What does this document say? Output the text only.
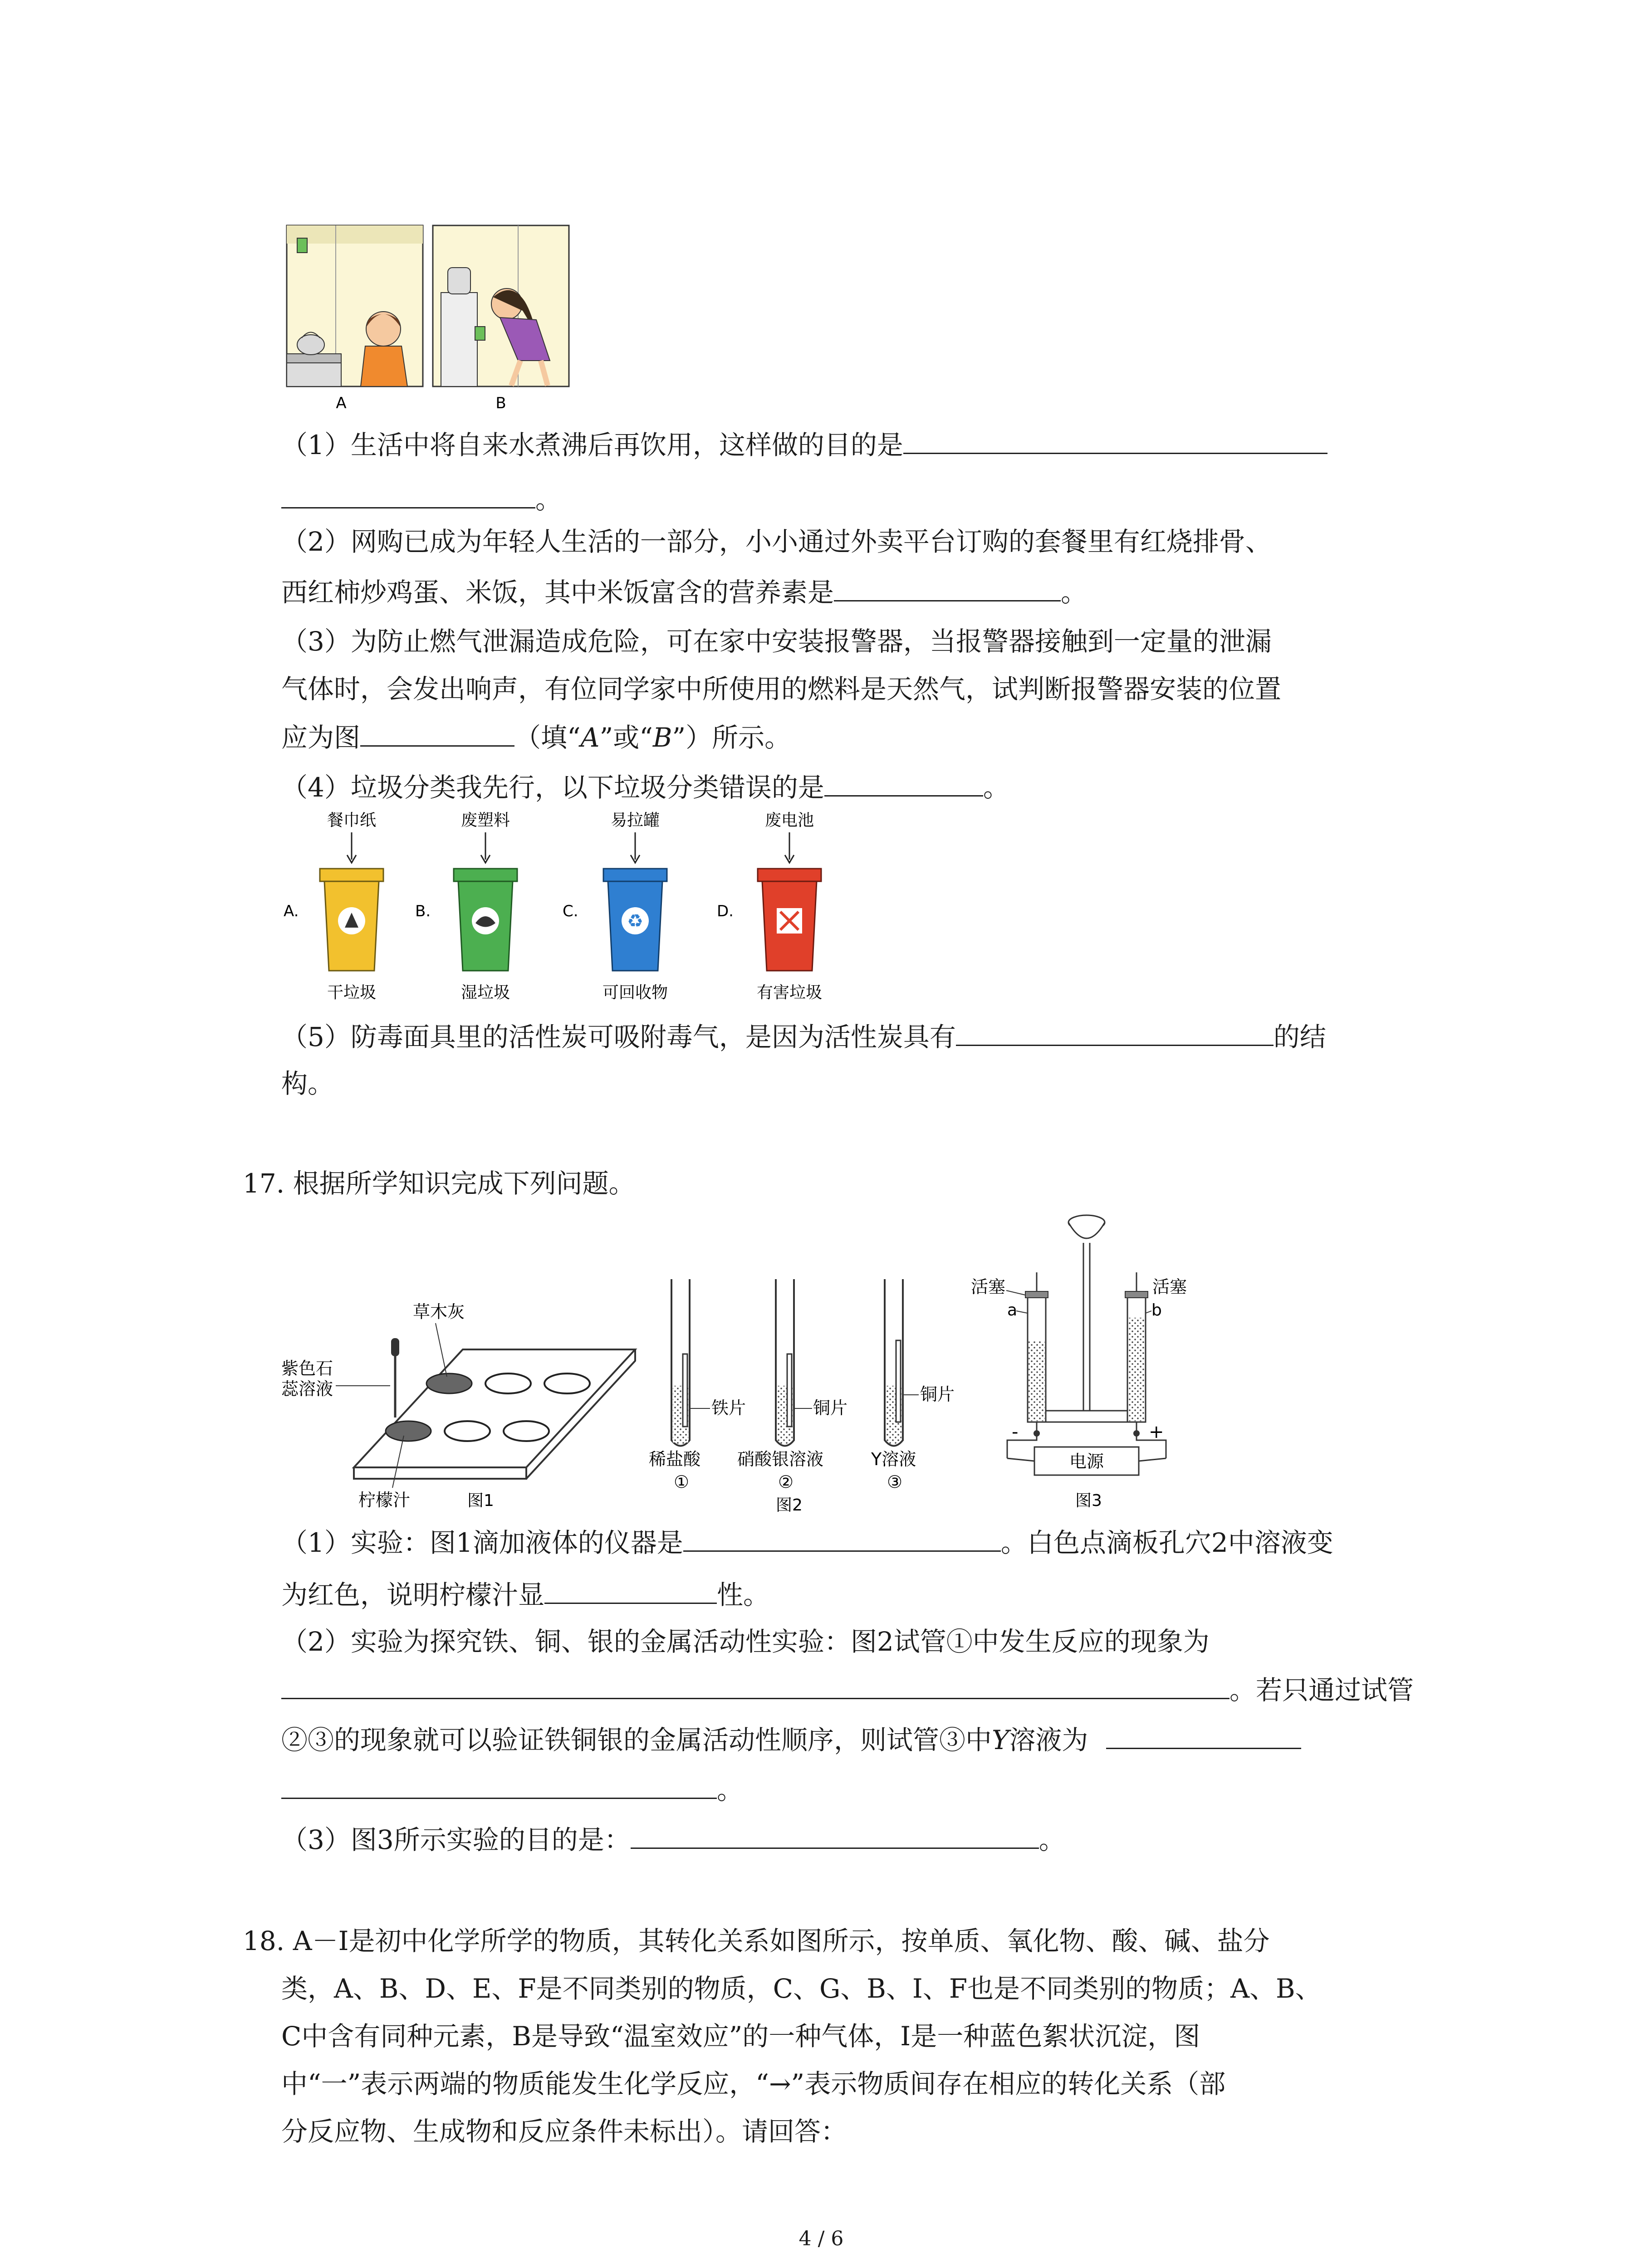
A	B
（1）生活中将自来水煮沸后再饮用，这样做的目的是
。
（2）网购已成为年轻人生活的一部分，小小通过外卖平台订购的套餐里有红烧排骨、
西红柿炒鸡蛋、米饭，其中米饭富含的营养素是	。
（3）为防止燃气泄漏造成危险，可在家中安装报警器，当报警器接触到一定量的泄漏
气体时，会发出响声，有位同学家中所使用的燃料是天然气，试判断报警器安装的位置
应为图	（填“A”或“B”）所示。
（4）垃圾分类我先行，以下垃圾分类错误的是	。
餐巾纸
A.
干垃圾
废塑料
B.
湿垃圾
易拉罐
C.	♻
可回收物
废电池
D.
有害垃圾
（5）防毒面具里的活性炭可吸附毒气，是因为活性炭具有	的结
构。
17. 根据所学知识完成下列问题。
草木灰
紫色石
蕊溶液
柠檬汁	图1
铁片
稀盐酸
①
铜片
硝酸银溶液
②
铜片
Y溶液
③
图2
活塞	活塞
a	b
-	+
电源
图3
（1）实验：图1滴加液体的仪器是	。白色点滴板孔穴2中溶液变
为红色，说明柠檬汁显	性。
（2）实验为探究铁、铜、银的金属活动性实验：图2试管①中发生反应的现象为
。若只通过试管
②③的现象就可以验证铁铜银的金属活动性顺序，则试管③中Y溶液为
。
（3）图3所示实验的目的是：	。
18. A－I是初中化学所学的物质，其转化关系如图所示，按单质、氧化物、酸、碱、盐分
类，A、B、D、E、F是不同类别的物质，C、G、B、I、F也是不同类别的物质；A、B、
C中含有同种元素，B是导致“温室效应”的一种气体，I是一种蓝色絮状沉淀，图
中“一”表示两端的物质能发生化学反应，“→”表示物质间存在相应的转化关系（部
分反应物、生成物和反应条件未标出）。请回答：
4 / 6
